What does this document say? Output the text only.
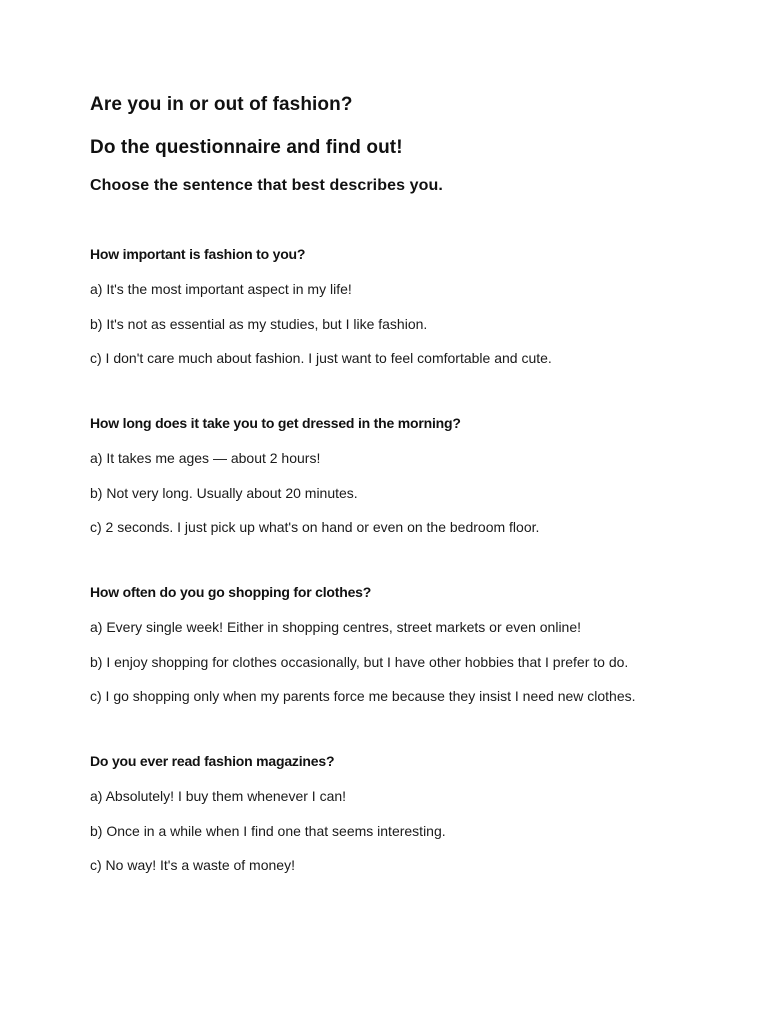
Are you in or out of fashion?
Do the questionnaire and find out!
Choose the sentence that best describes you.
How important is fashion to you?
a) It's the most important aspect in my life!
b) It's not as essential as my studies, but I like fashion.
c) I don't care much about fashion. I just want to feel comfortable and cute.
How long does it take you to get dressed in the morning?
a) It takes me ages — about 2 hours!
b) Not very long. Usually about 20 minutes.
c) 2 seconds. I just pick up what's on hand or even on the bedroom floor.
How often do you go shopping for clothes?
a) Every single week! Either in shopping centres, street markets or even online!
b) I enjoy shopping for clothes occasionally, but I have other hobbies that I prefer to do.
c) I go shopping only when my parents force me because they insist I need new clothes.
Do you ever read fashion magazines?
a) Absolutely! I buy them whenever I can!
b) Once in a while when I find one that seems interesting.
c) No way! It's a waste of money!
